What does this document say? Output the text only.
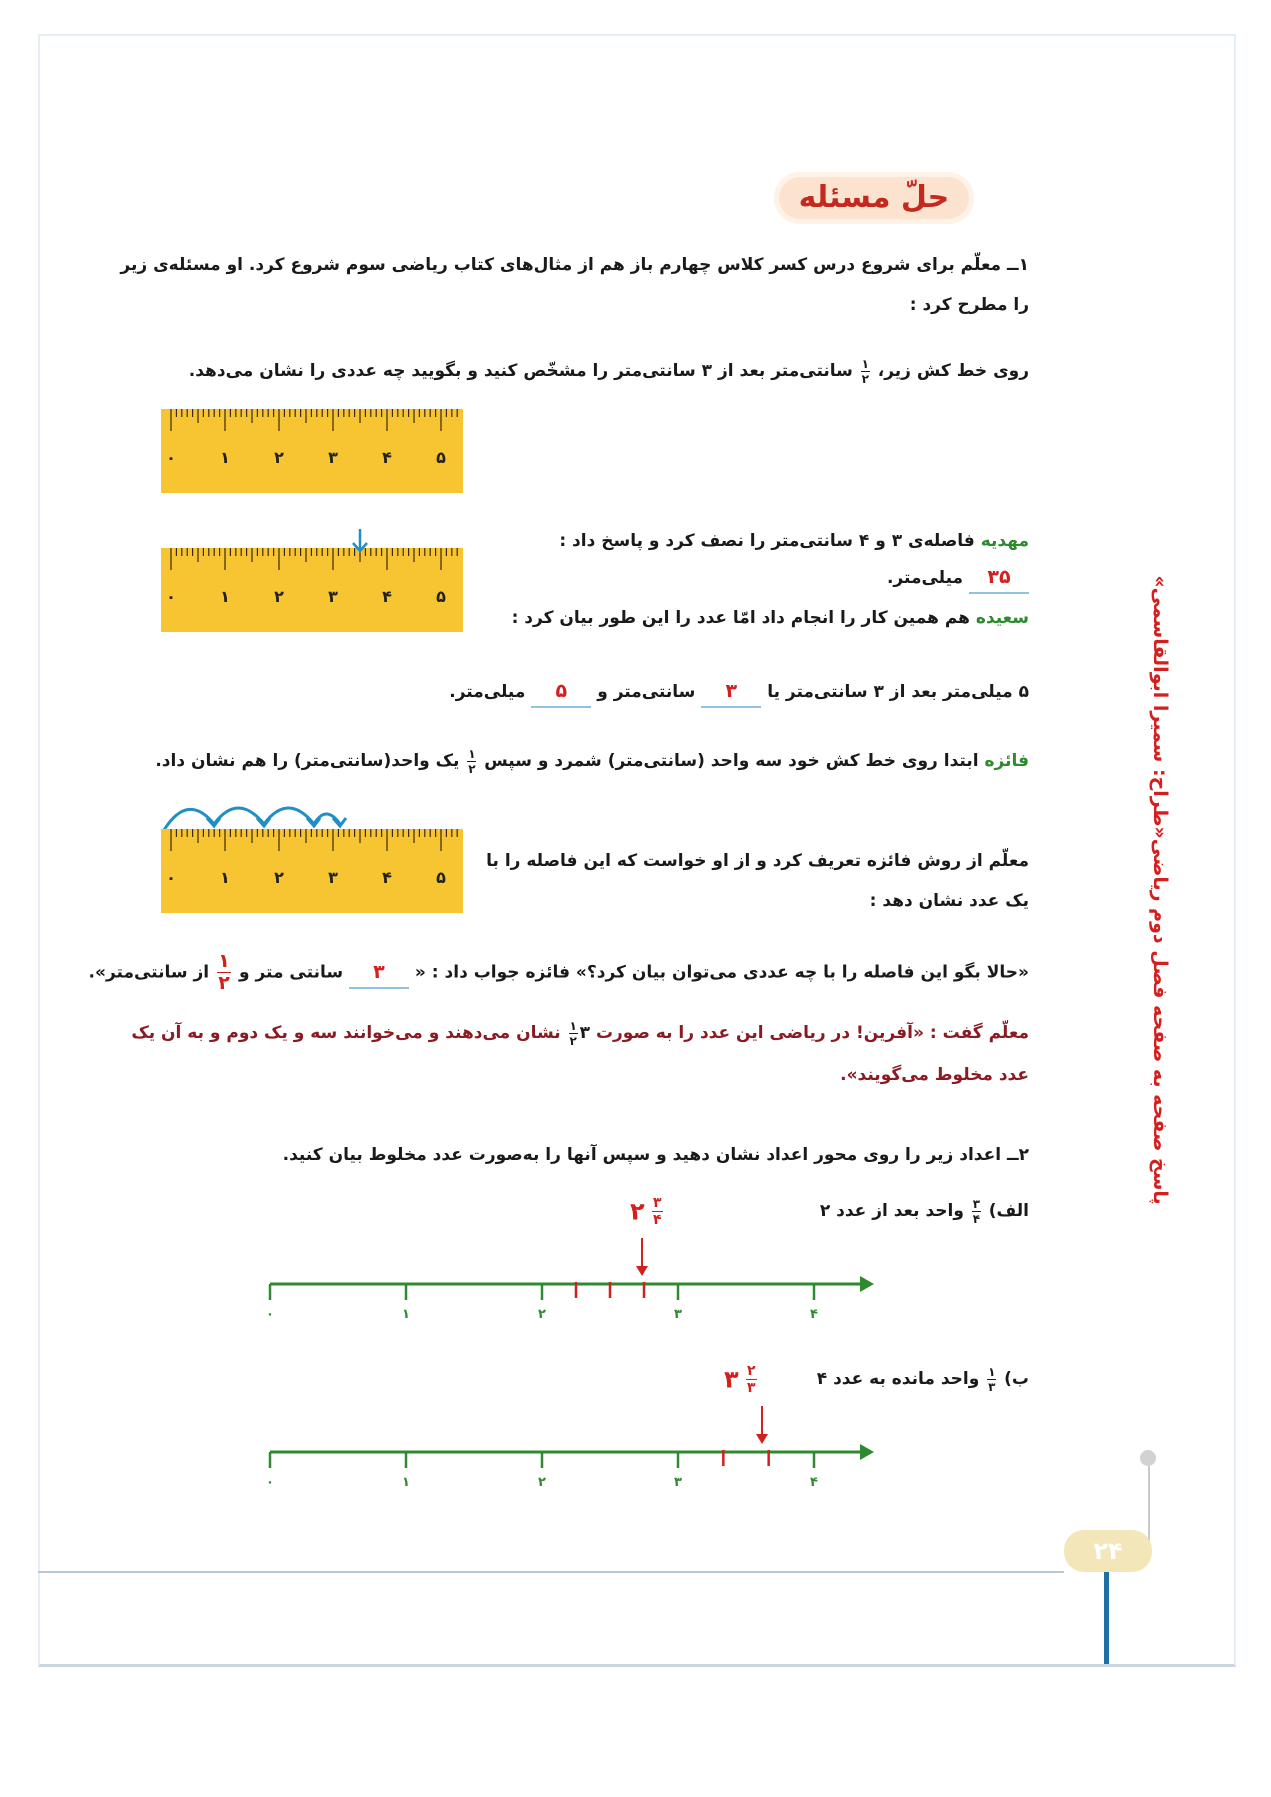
حلّ مسئله
۱ــ معلّم برای شروع درس کسر کلاس چهارم باز هم از مثال‌های کتاب ریاضی سوم شروع کرد. او مسئله‌ی زیر
را مطرح کرد :
روی خط کش زیر،
$\frac{۱}{۲}$
سانتی‌متر بعد از ۳ سانتی‌متر را مشخّص کنید و بگویید چه عددی را نشان می‌دهد.
۰	۱	۲	۳	۴	۵
۰	۱	۲	۳	۴	۵
مهدیه فاصله‌ی ۳ و ۴ سانتی‌متر را نصف کرد و پاسخ داد :
۳۵ میلی‌متر.
سعیده هم همین کار را انجام داد امّا عدد را این طور بیان کرد :
۵ میلی‌متر بعد از ۳ سانتی‌متر یا ۳ سانتی‌متر و ۵ میلی‌متر.
فائزه ابتدا روی خط کش خود سه واحد (سانتی‌متر) شمرد و سپس
$\frac{۱}{۲}$
یک واحد(سانتی‌متر) را هم نشان داد.
۰	۱	۲	۳	۴	۵
معلّم از روش فائزه تعریف کرد و از او خواست که این فاصله را با
یک عدد نشان دهد :
«حالا بگو این فاصله را با چه عددی می‌توان بیان کرد؟» فائزه جواب داد : « ۳ سانتی متر و
$\frac{۱}{۲}$
از سانتی‌متر».
معلّم گفت : «آفرین! در ریاضی این عدد را به صورت ۳
$\frac{۱}{۲}$
نشان می‌دهند و می‌خوانند سه و یک دوم و به آن یک
عدد مخلوط می‌گویند».
۲ــ اعداد زیر را روی محور اعداد نشان دهید و سپس آنها را به‌صورت عدد مخلوط بیان کنید.
الف)
$\frac{۳}{۴}$
واحد بعد از عدد ۲
۲ $\frac{۳}{۴}$
۰	۱	۲	۳	۴
ب)
$\frac{۱}{۳}$
واحد مانده به عدد ۴
۳ $\frac{۲}{۳}$
۰	۱	۲	۳	۴
پاسخ صفحه به صفحه فصل دوم ریاضی«طراح: سمیرا ابوالقاسمی»
۲۴
